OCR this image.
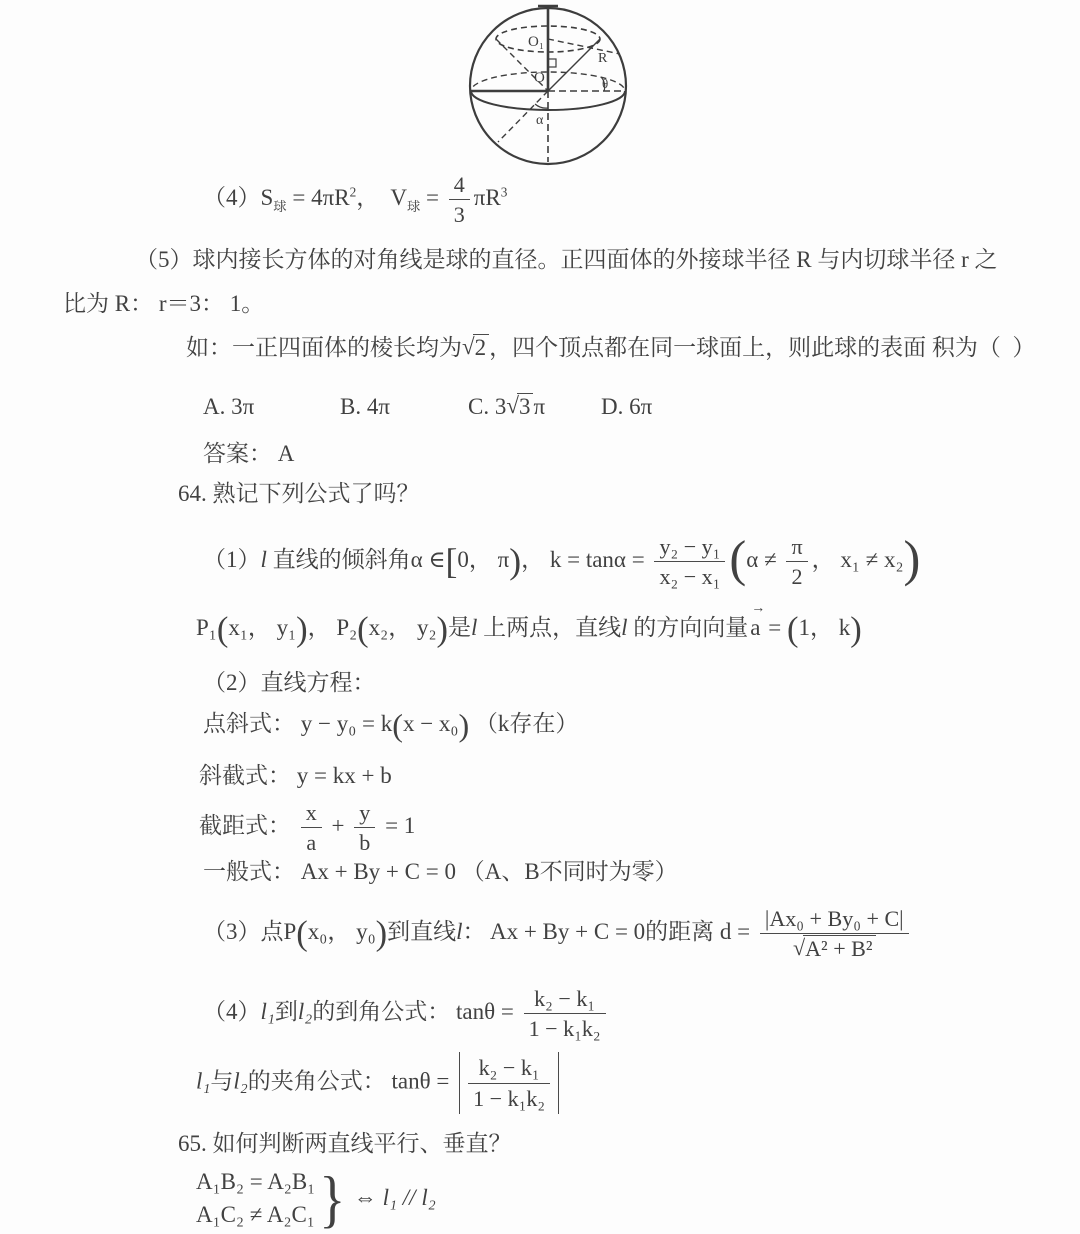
O₁
O
R
θ
α
$(4)S_球 = 4\pi R^2$，  $V_球 = \frac{4}{3} \pi R^3$
（5）球内接长方体的对角线是球的直径。正四面体的外接球半径 R 与内切球半径 r 之
比为 R： r＝3： 1。
如：一正四面体的棱长均为√2 ，四个顶点都在同一球面上，则此球的表面 积为（  ）

A. 3π

	B. 4π

	C. 3√3 π

D. 6π

答案： A
64. 熟记下列公式了吗？
（1）l 直线的倾斜角α ∈[0， π)， $k = \tan\alpha = \frac{\text{y₂ − y₁}}{\text{x₂ − x₁}} (\alpha \ne \frac{\pi}{2}$ ， x₁ ≠ x₂)
P₁(x₁， y₁)， P₂(x₂， y₂)是l 上两点，直线l 的方向向量
→
a = (1， k)
（2）直线方程：
点斜式： y − y₀ = k(x − x₀) （k存在）
斜截式： y = kx + b
截距式： $\frac{x}{a} + \frac{y}{b} = 1$
一般式： Ax + By + C = 0 （A、B不同时为零）
（3）点P(x₀， y₀)到直线l： Ax + By + C = 0的距离 $d = \frac{\text{|Ax₀ + By₀ + C|}}{\text{√A² + B²}}$
（4）l₁到l₂的到角公式： $\tan\theta = \frac{\text{k₂ − k₁}}{\text{1 − k₁k₂}}$
l₁与l₂的夹角公式： $\tan\theta = \frac{\text{k₂ − k₁}}{\text{1 − k₁k₂}}$
65. 如何判断两直线平行、垂直？
A₁B₂ = A₂B₁
A₁C₂ ≠ A₂C₁ } ⇔ l₁ // l₂
